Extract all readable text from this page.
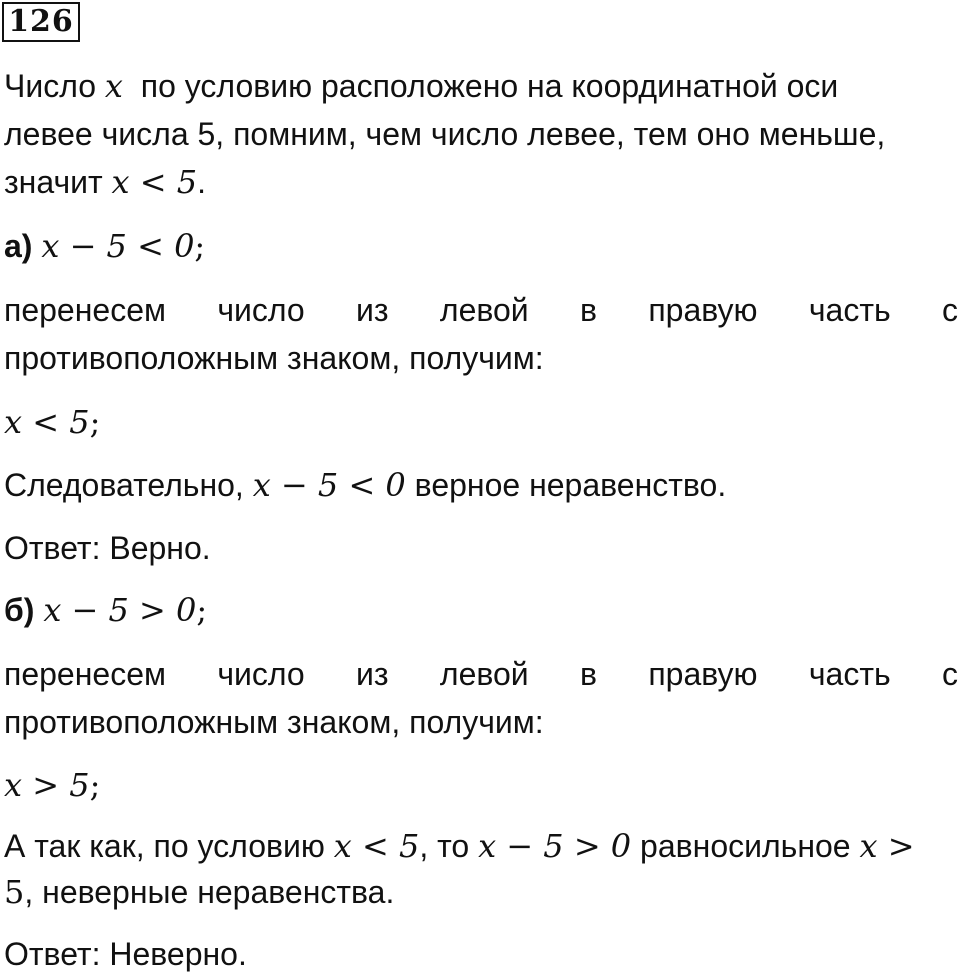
126
Число x по условию расположено на координатной оси
левее числа 5, помним, чем число левее, тем оно меньше,
значит x < 5.
а) x − 5 < 0;
перенесем число из левой в правую часть с
противоположным знаком, получим:
x < 5;
Следовательно, x − 5 < 0 верное неравенство.
Ответ: Верно.
б) x − 5 > 0;
перенесем число из левой в правую часть с
противоположным знаком, получим:
x > 5;
А так как, по условию x < 5, то x − 5 > 0 равносильное x >
5, неверные неравенства.
Ответ: Неверно.
